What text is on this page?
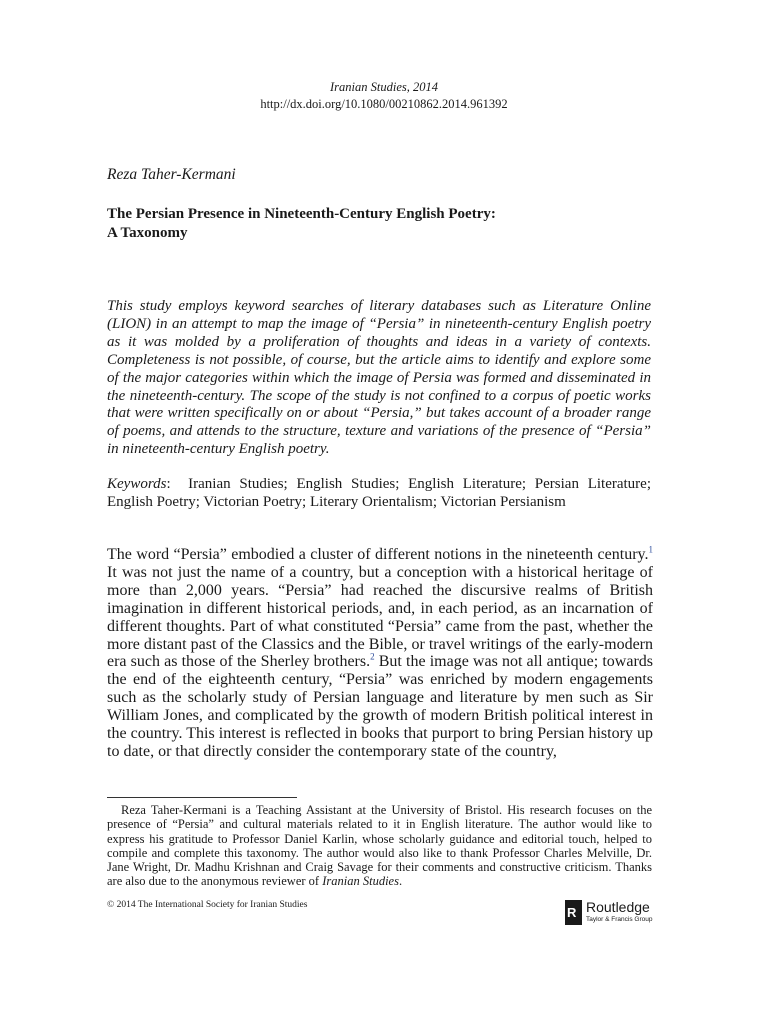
Iranian Studies, 2014
http://dx.doi.org/10.1080/00210862.2014.961392
Reza Taher-Kermani
The Persian Presence in Nineteenth-Century English Poetry:
A Taxonomy
This study employs keyword searches of literary databases such as Literature Online (LION) in an attempt to map the image of “Persia” in nineteenth-century English poetry as it was molded by a proliferation of thoughts and ideas in a variety of contexts. Completeness is not possible, of course, but the article aims to identify and explore some of the major categories within which the image of Persia was formed and disseminated in the nineteenth-century. The scope of the study is not confined to a corpus of poetic works that were written specifically on or about “Persia,” but takes account of a broader range of poems, and attends to the structure, texture and variations of the presence of “Persia” in nineteenth-century English poetry.
Keywords:  Iranian Studies; English Studies; English Literature; Persian Literature; English Poetry; Victorian Poetry; Literary Orientalism; Victorian Persianism
The word “Persia” embodied a cluster of different notions in the nineteenth century.$^1$ It was not just the name of a country, but a conception with a historical heritage of more than 2,000 years. “Persia” had reached the discursive realms of British imagination in different historical periods, and, in each period, as an incarnation of different thoughts. Part of what constituted “Persia” came from the past, whether the more distant past of the Classics and the Bible, or travel writings of the early-modern era such as those of the Sherley brothers.$^2$ But the image was not all antique; towards the end of the eighteenth century, “Persia” was enriched by modern engagements such as the scholarly study of Persian language and literature by men such as Sir William Jones, and complicated by the growth of modern British political interest in the country. This interest is reflected in books that purport to bring Persian history up to date, or that directly consider the contemporary state of the country,
Reza Taher-Kermani is a Teaching Assistant at the University of Bristol. His research focuses on the presence of “Persia” and cultural materials related to it in English literature. The author would like to express his gratitude to Professor Daniel Karlin, whose scholarly guidance and editorial touch, helped to compile and complete this taxonomy. The author would also like to thank Professor Charles Melville, Dr. Jane Wright, Dr. Madhu Krishnan and Craig Savage for their comments and constructive criticism. Thanks are also due to the anonymous reviewer of Iranian Studies.
© 2014 The International Society for Iranian Studies	R Routledge
Taylor & Francis Group
